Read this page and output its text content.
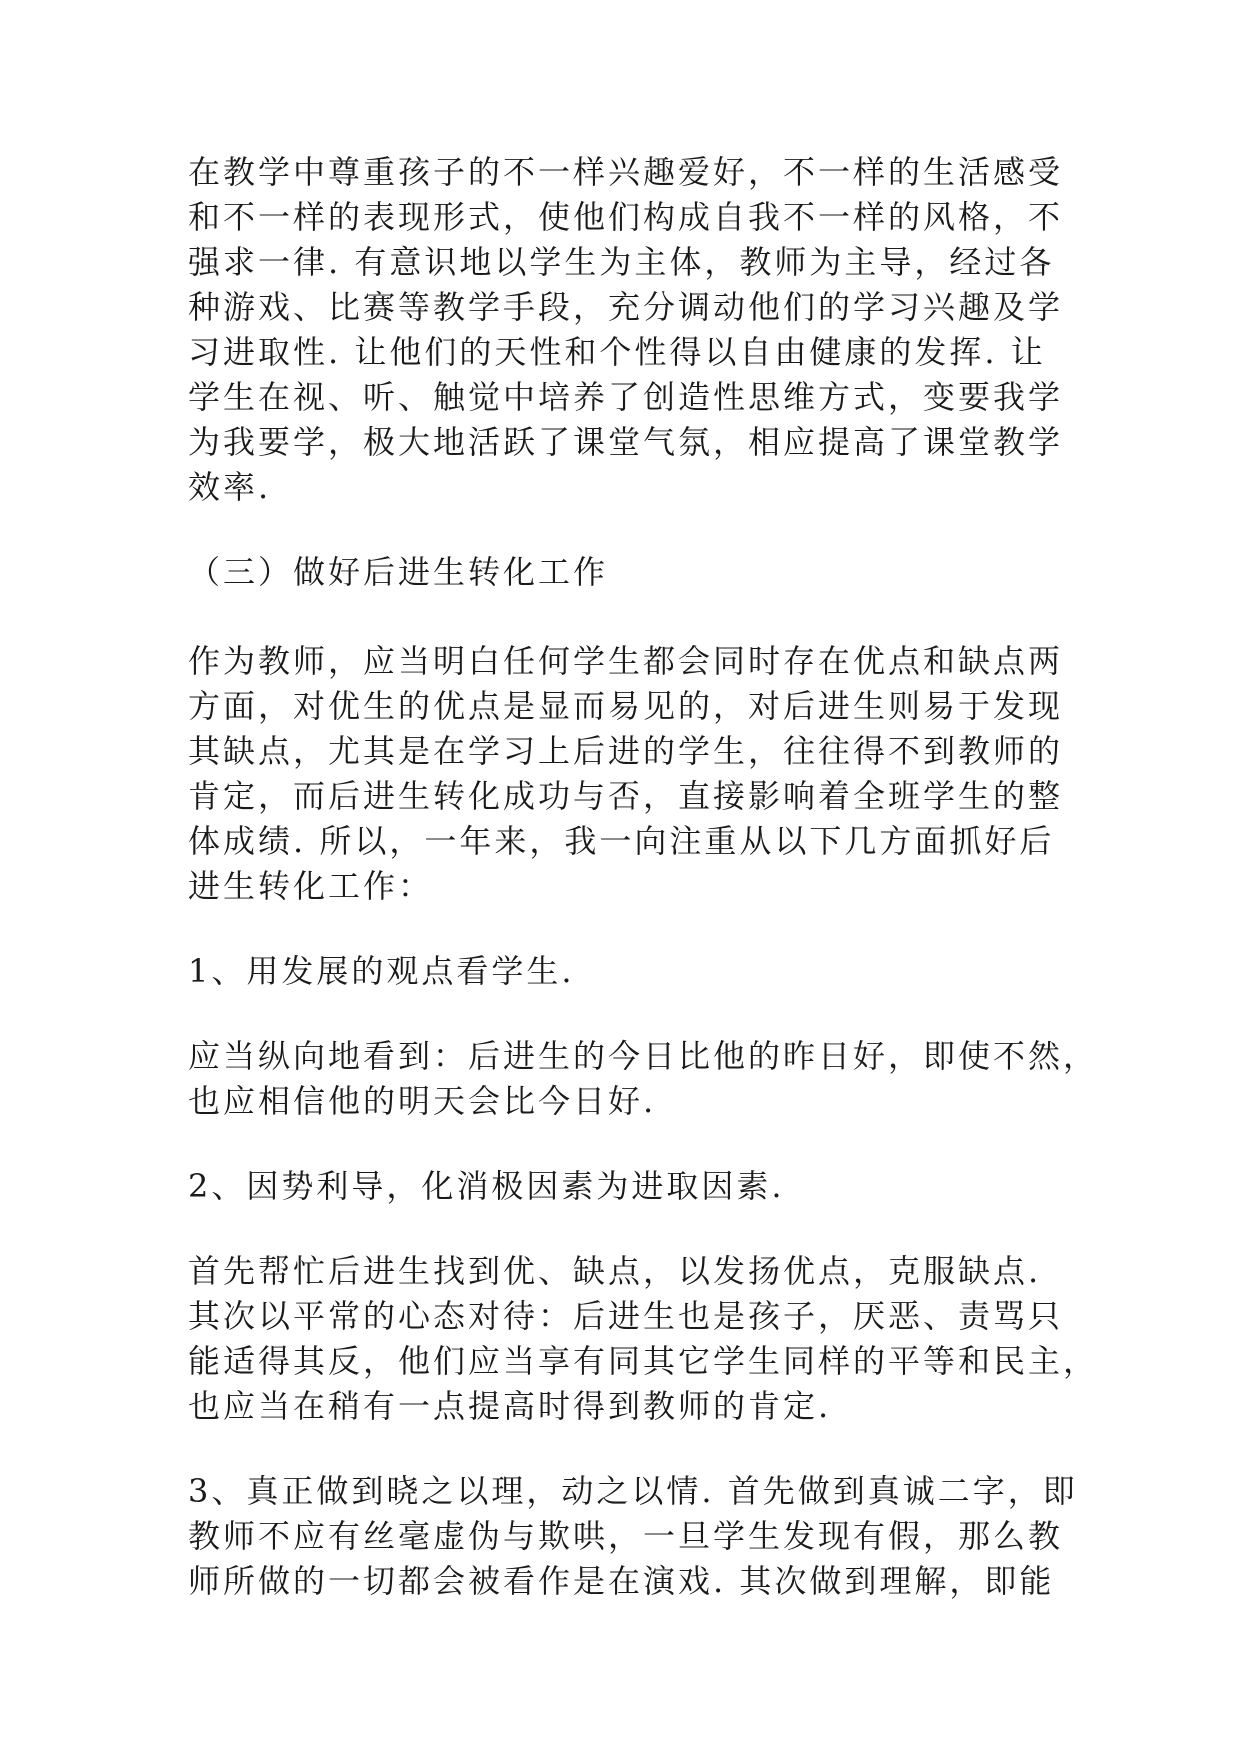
在教学中尊重孩子的不一样兴趣爱好，不一样的生活感受
和不一样的表现形式，使他们构成自我不一样的风格，不
强求一律. 有意识地以学生为主体，教师为主导，经过各
种游戏、比赛等教学手段，充分调动他们的学习兴趣及学
习进取性. 让他们的天性和个性得以自由健康的发挥. 让
学生在视、听、触觉中培养了创造性思维方式，变要我学
为我要学，极大地活跃了课堂气氛，相应提高了课堂教学
效率.
（三）做好后进生转化工作
作为教师，应当明白任何学生都会同时存在优点和缺点两
方面，对优生的优点是显而易见的，对后进生则易于发现
其缺点，尤其是在学习上后进的学生，往往得不到教师的
肯定，而后进生转化成功与否，直接影响着全班学生的整
体成绩. 所以，一年来，我一向注重从以下几方面抓好后
进生转化工作：
1、用发展的观点看学生.
应当纵向地看到：后进生的今日比他的昨日好，即使不然，
也应相信他的明天会比今日好.
2、因势利导，化消极因素为进取因素.
首先帮忙后进生找到优、缺点，以发扬优点，克服缺点.
其次以平常的心态对待：后进生也是孩子，厌恶、责骂只
能适得其反，他们应当享有同其它学生同样的平等和民主，
也应当在稍有一点提高时得到教师的肯定.
3、真正做到晓之以理，动之以情. 首先做到真诚二字，即
教师不应有丝毫虚伪与欺哄，一旦学生发现有假，那么教
师所做的一切都会被看作是在演戏. 其次做到理解，即能
